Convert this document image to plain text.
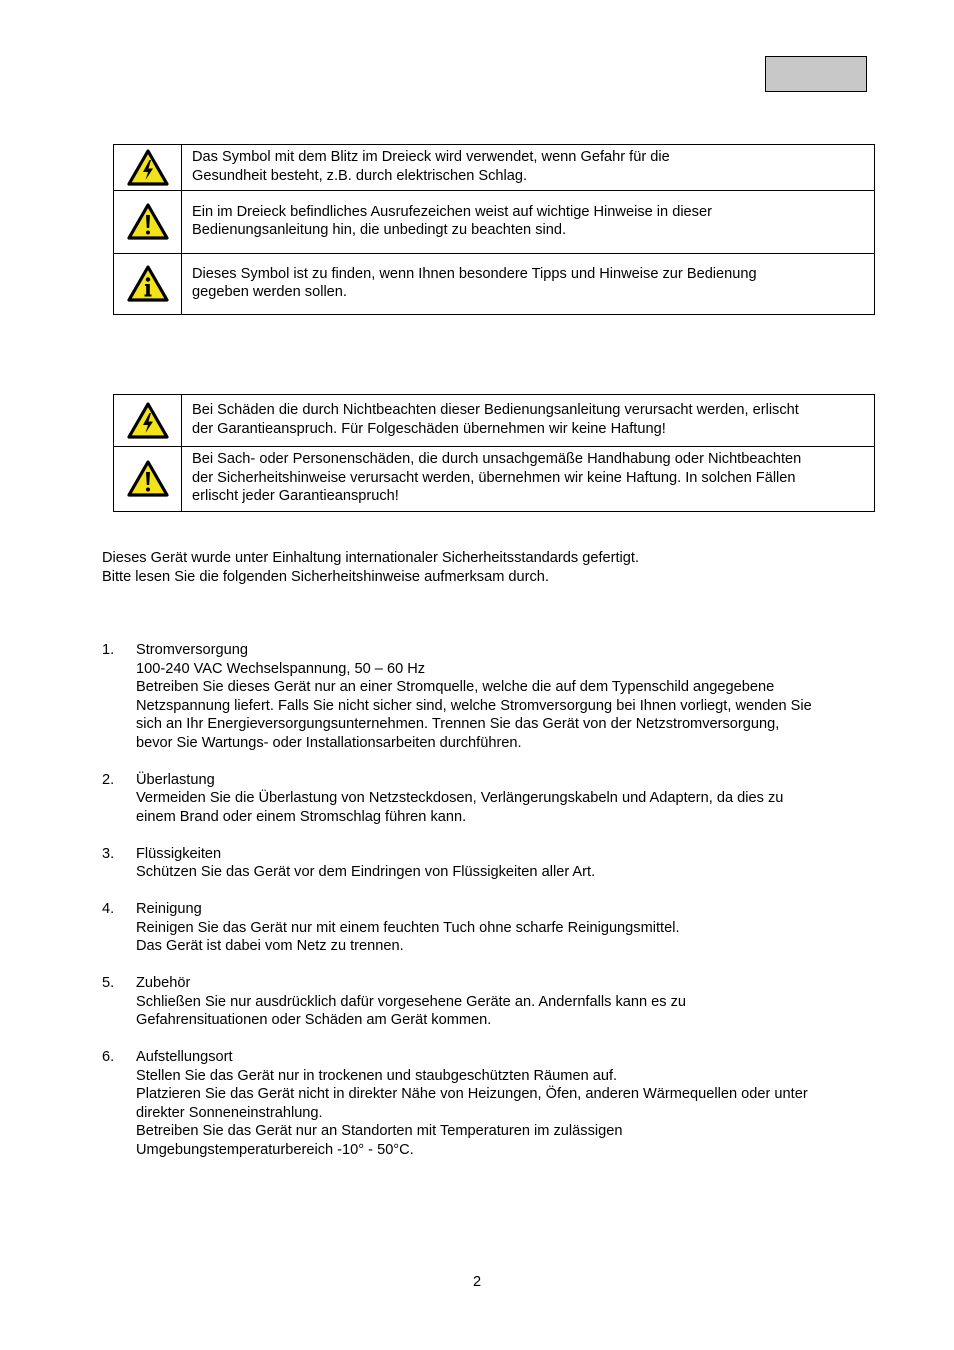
Das Symbol mit dem Blitz im Dreieck wird verwendet, wenn Gefahr für die
Gesundheit besteht, z.B. durch elektrischen Schlag.

Ein im Dreieck befindliches Ausrufezeichen weist auf wichtige Hinweise in dieser
Bedienungsanleitung hin, die unbedingt zu beachten sind.

Dieses Symbol ist zu finden, wenn Ihnen besondere Tipps und Hinweise zur Bedienung
gegeben werden sollen.

Bei Schäden die durch Nichtbeachten dieser Bedienungsanleitung verursacht werden, erlischt
der Garantieanspruch. Für Folgeschäden übernehmen wir keine Haftung!

Bei Sach- oder Personenschäden, die durch unsachgemäße Handhabung oder Nichtbeachten
der Sicherheitshinweise verursacht werden, übernehmen wir keine Haftung. In solchen Fällen
erlischt jeder Garantieanspruch!

Dieses Gerät wurde unter Einhaltung internationaler Sicherheitsstandards gefertigt.

Bitte lesen Sie die folgenden Sicherheitshinweise aufmerksam durch.

1. Stromversorgung
100-240 VAC Wechselspannung, 50 – 60 Hz
Betreiben Sie dieses Gerät nur an einer Stromquelle, welche die auf dem Typenschild angegebene
Netzspannung liefert. Falls Sie nicht sicher sind, welche Stromversorgung bei Ihnen vorliegt, wenden Sie
sich an Ihr Energieversorgungsunternehmen. Trennen Sie das Gerät von der Netzstromversorgung,
bevor Sie Wartungs- oder Installationsarbeiten durchführen.
2. Überlastung
Vermeiden Sie die Überlastung von Netzsteckdosen, Verlängerungskabeln und Adaptern, da dies zu
einem Brand oder einem Stromschlag führen kann.
3. Flüssigkeiten
Schützen Sie das Gerät vor dem Eindringen von Flüssigkeiten aller Art.
4. Reinigung
Reinigen Sie das Gerät nur mit einem feuchten Tuch ohne scharfe Reinigungsmittel.
Das Gerät ist dabei vom Netz zu trennen.
5. Zubehör
Schließen Sie nur ausdrücklich dafür vorgesehene Geräte an. Andernfalls kann es zu
Gefahrensituationen oder Schäden am Gerät kommen.
6. Aufstellungsort
Stellen Sie das Gerät nur in trockenen und staubgeschützten Räumen auf.
Platzieren Sie das Gerät nicht in direkter Nähe von Heizungen, Öfen, anderen Wärmequellen oder unter
direkter Sonneneinstrahlung.
Betreiben Sie das Gerät nur an Standorten mit Temperaturen im zulässigen
Umgebungstemperaturbereich -10° - 50°C.
2
